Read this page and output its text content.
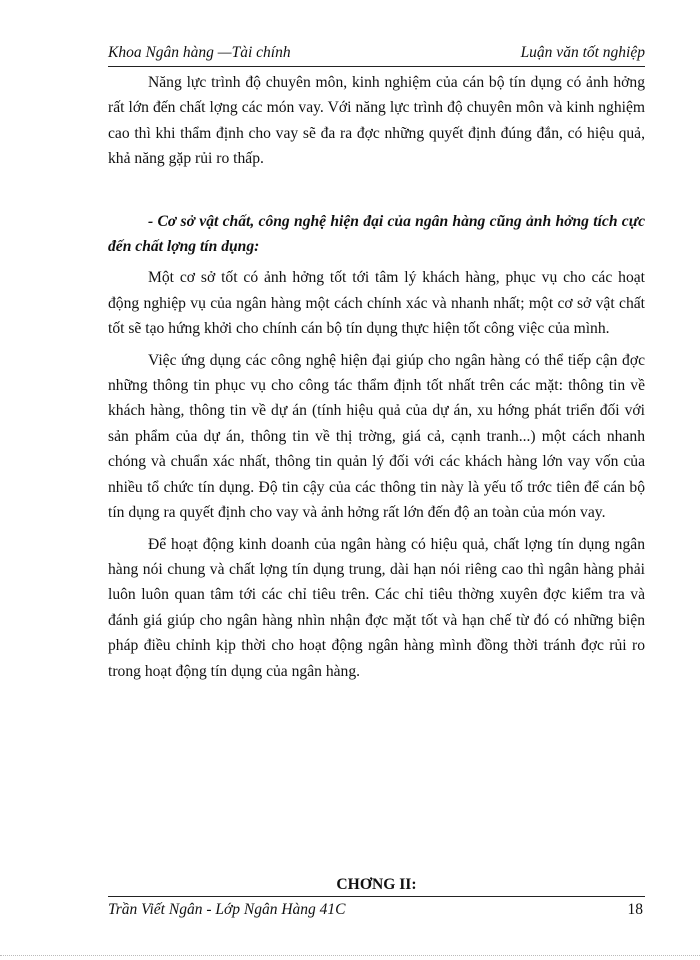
Khoa Ngân hàng —Tài chính	Luận văn tốt nghiệp

Năng lực trình độ chuyên môn, kinh nghiệm của cán bộ tín dụng có ảnh hởng rất lớn đến chất lợng các món vay. Với năng lực trình độ chuyên môn và kinh nghiệm cao thì khi thẩm định cho vay sẽ đa ra đợc những quyết định đúng đắn, có hiệu quả, khả năng gặp rủi ro thấp.

- Cơ sở vật chất, công nghệ hiện đại của ngân hàng cũng ảnh hởng tích cực đến chất lợng tín dụng:

Một cơ sở tốt có ảnh hởng tốt tới tâm lý khách hàng, phục vụ cho các hoạt động nghiệp vụ của ngân hàng một cách chính xác và nhanh nhất; một cơ sở vật chất tốt sẽ tạo hứng khởi cho chính cán bộ tín dụng thực hiện tốt công việc của mình.

Việc ứng dụng các công nghệ hiện đại giúp cho ngân hàng có thể tiếp cận đợc những thông tin phục vụ cho công tác thẩm định tốt nhất trên các mặt: thông tin về khách hàng, thông tin về dự án (tính hiệu quả của dự án, xu hớng phát triển đối với sản phẩm của dự án, thông tin về thị trờng, giá cả, cạnh tranh...) một cách nhanh chóng và chuẩn xác nhất, thông tin quản lý đối với các khách hàng lớn vay vốn của nhiều tổ chức tín dụng. Độ tin cậy của các thông tin này là yếu tố trớc tiên để cán bộ tín dụng ra quyết định cho vay và ảnh hởng rất lớn đến độ an toàn của món vay.

Để hoạt động kinh doanh của ngân hàng có hiệu quả, chất lợng tín dụng ngân hàng nói chung và chất lợng tín dụng trung, dài hạn nói riêng cao thì ngân hàng phải luôn luôn quan tâm tới các chỉ tiêu trên. Các chỉ tiêu thờng xuyên đợc kiểm tra và đánh giá giúp cho ngân hàng nhìn nhận đợc mặt tốt và hạn chế từ đó có những biện pháp điều chỉnh kịp thời cho hoạt động ngân hàng mình đồng thời tránh đợc rủi ro trong hoạt động tín dụng của ngân hàng.

CHƠNG II:
Trần Viết Ngân - Lớp Ngân Hàng 41C	18
